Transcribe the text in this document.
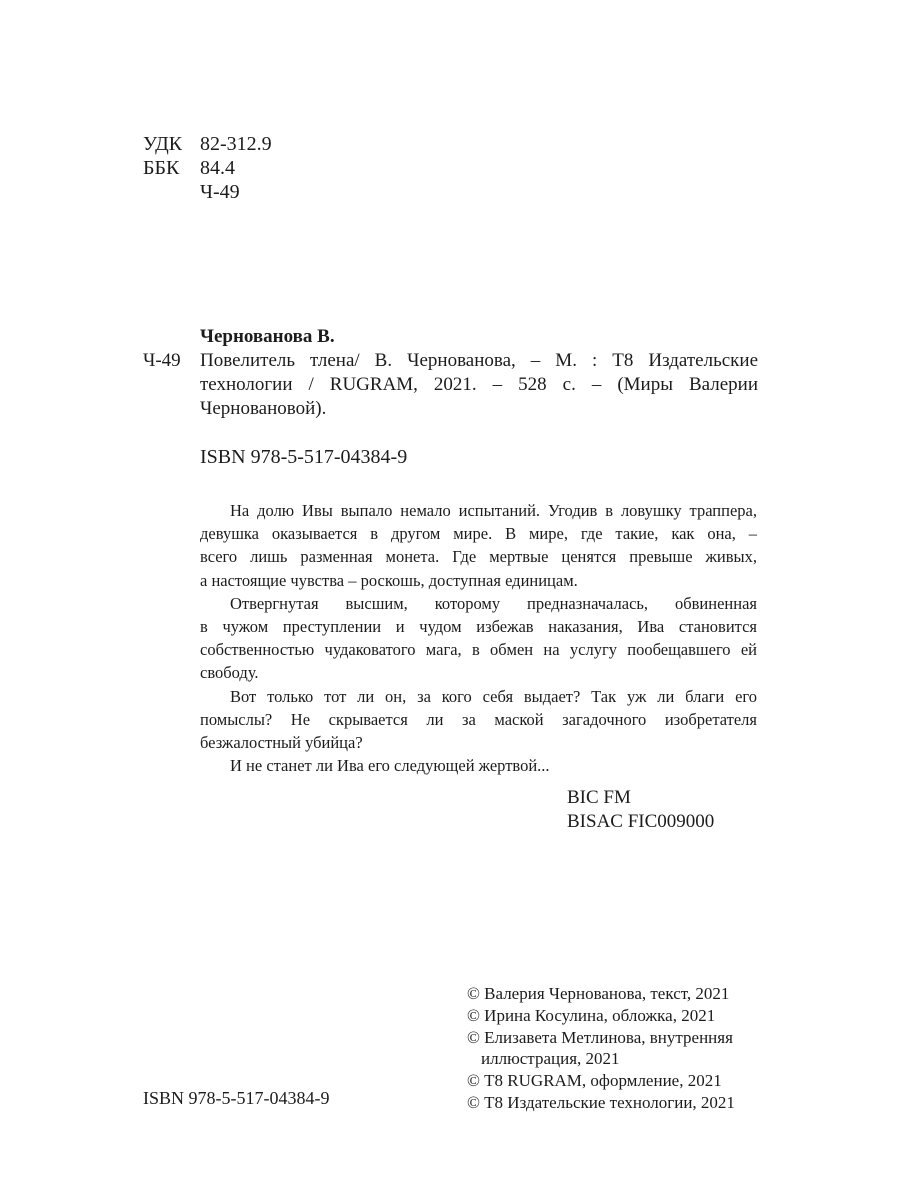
УДК 82-312.9
ББК	84.4
Ч-49
Чернованова В.
Ч-49	Повелитель тлена/ В. Чернованова, – М. : Т8 Издательские
технологии / RUGRAM, 2021. – 528 с. – (Миры Валерии
Черновановой).
ISBN 978-5-517-04384-9
На долю Ивы выпало немало испытаний. Угодив в ловушку траппера,
девушка оказывается в другом мире. В мире, где такие, как она, –
всего лишь разменная монета. Где мертвые ценятся превыше живых,
а настоящие чувства – роскошь, доступная единицам.
Отвергнутая высшим, которому предназначалась, обвиненная
в чужом преступлении и чудом избежав наказания, Ива становится
собственностью чудаковатого мага, в обмен на услугу пообещавшего ей
свободу.
Вот только тот ли он, за кого себя выдает? Так уж ли благи его
помыслы? Не скрывается ли за маской загадочного изобретателя
безжалостный убийца?
И не станет ли Ива его следующей жертвой...
BIC FM
BISAC FIC009000
© Валерия Чернованова, текст, 2021
© Ирина Косулина, обложка, 2021
© Елизавета Метлинова, внутренняя
иллюстрация, 2021
© Т8 RUGRAM, оформление, 2021
© Т8 Издательские технологии, 2021
ISBN 978-5-517-04384-9
